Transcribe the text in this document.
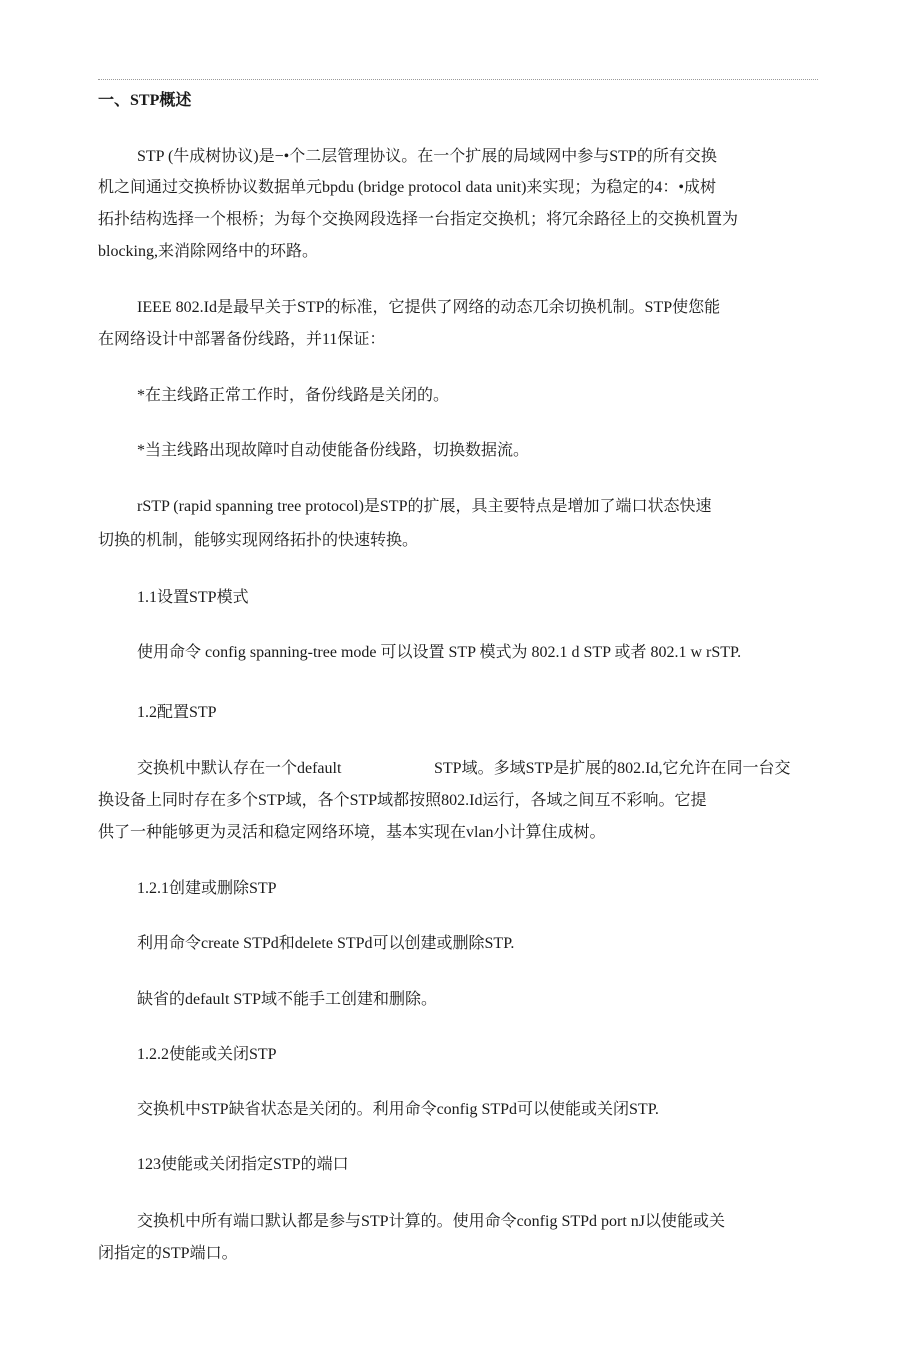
一、STP概述
STP (牛成树协议)是−•个二层管理协议。在一个扩展的局域网中参与STP的所有交换
机之间通过交换桥协议数据单元bpdu (bridge protocol data unit)来实现；为稳定的4：•成树
拓扑结构选择一个根桥；为每个交换网段选择一台指定交换机；将冗余路径上的交换机置为
blocking,来消除网络中的环路。
IEEE 802.Id是最早关于STP的标准，它提供了网络的动态兀余切换机制。STP使您能
在网络设计中部署备份线路，并11保证：
*在主线路正常工作时，备份线路是关闭的。
*当主线路出现故障吋自动使能备份线路，切换数据流。
rSTP (rapid spanning tree protocol)是STP的扩展，具主要特点是增加了端口状态快速
切换的机制，能够实现网络拓扑的快速转换。
1.1设置STP模式
使用命令 config spanning-tree mode 可以设置 STP 模式为 802.1 d STP 或者 802.1 w rSTP.
1.2配置STP
交换机中默认存在一个default	STP域。多域STP是扩展的802.Id,它允许在同一台交
换设备上同时存在多个STP域，各个STP域都按照802.Id运行，各域之间互不彩响。它提
供了一种能够更为灵活和稳定网络环境，基本实现在vlan小计算住成树。
1.2.1创建或删除STP
利用命令create STPd和delete STPd可以创建或删除STP.
缺省的default STP域不能手工创建和删除。
1.2.2使能或关闭STP
交换机中STP缺省状态是关闭的。利用命令config STPd可以使能或关闭STP.
123使能或关闭指定STP的端口
交换机中所有端口默认都是参与STP计算的。使用命令config STPd port nJ以使能或关
闭指定的STP端口。
